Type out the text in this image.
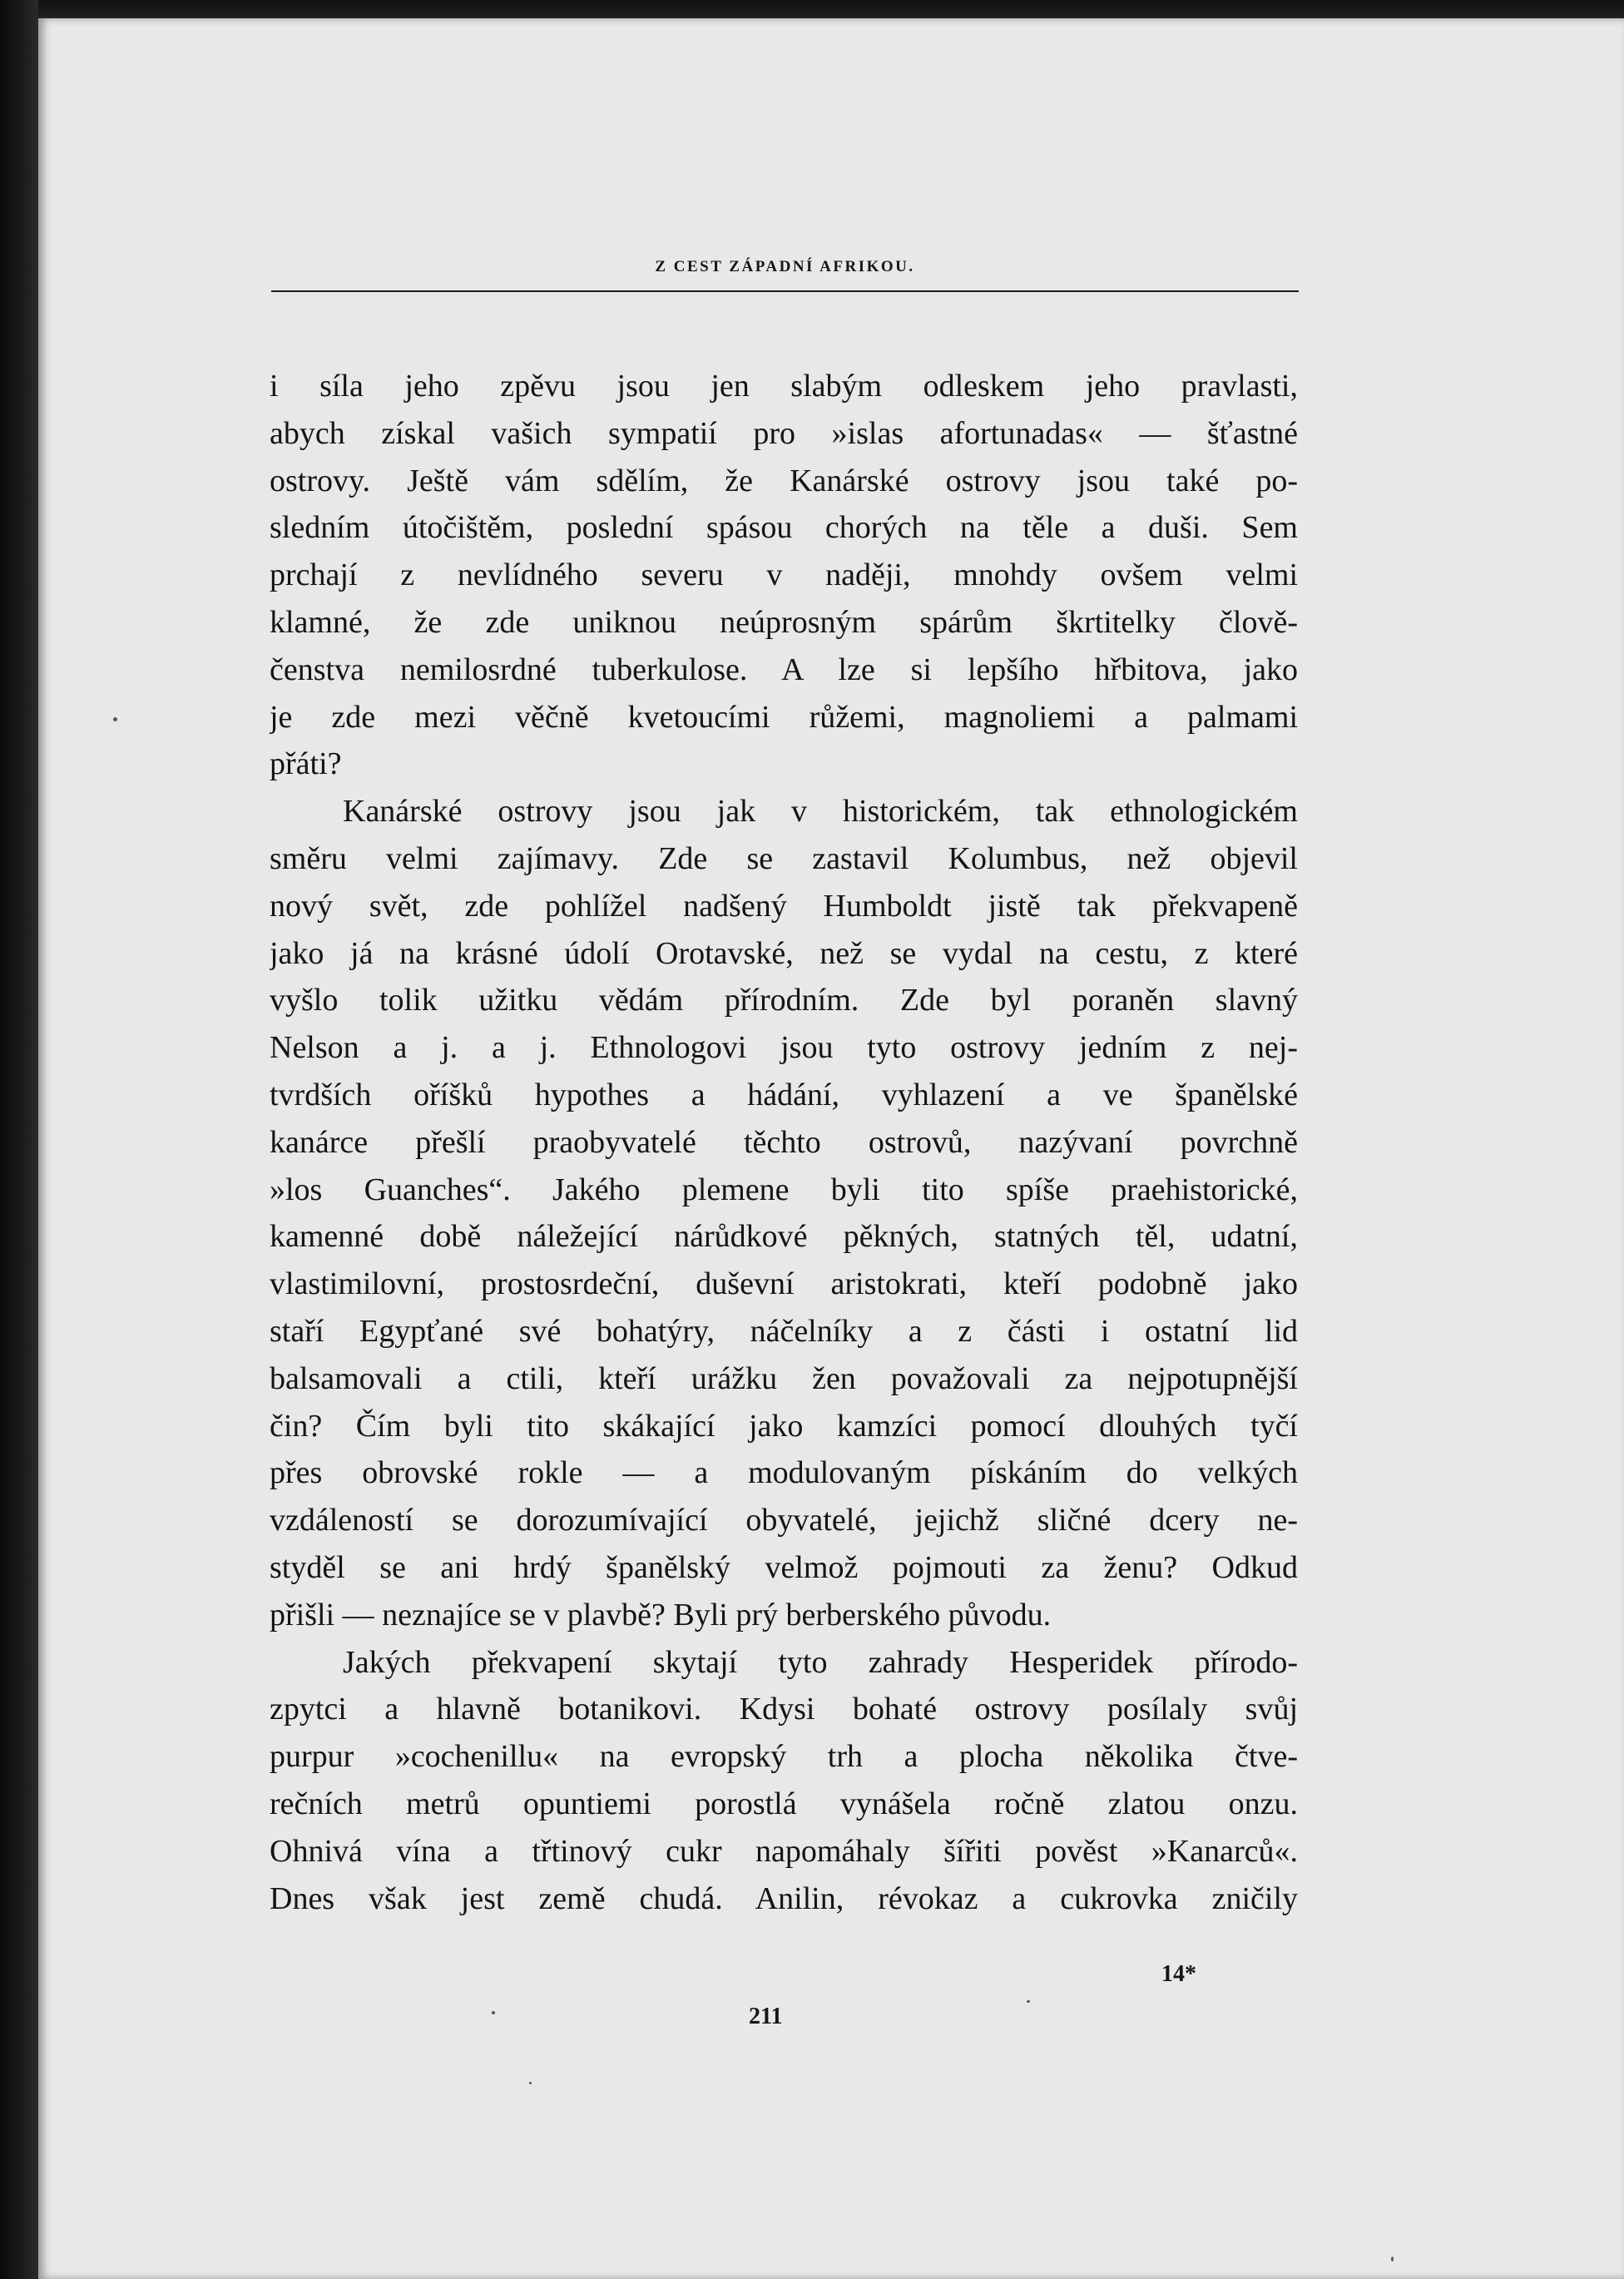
Z CEST ZÁPADNÍ AFRIKOU.
i síla jeho zpěvu jsou jen slabým odleskem jeho pravlasti,
abych získal vašich sympatií pro »islas afortunadas« — šťastné
ostrovy. Ještě vám sdělím, že Kanárské ostrovy jsou také po-
sledním útočištěm, poslední spásou chorých na těle a duši. Sem
prchají z nevlídného severu v naději, mnohdy ovšem velmi
klamné, že zde uniknou neúprosným spárům škrtitelky člově-
čenstva nemilosrdné tuberkulose. A lze si lepšího hřbitova, jako
je zde mezi věčně kvetoucími růžemi, magnoliemi a palmami
přáti?
Kanárské ostrovy jsou jak v historickém, tak ethnologickém
směru velmi zajímavy. Zde se zastavil Kolumbus, než objevil
nový svět, zde pohlížel nadšený Humboldt jistě tak překvapeně
jako já na krásné údolí Orotavské, než se vydal na cestu, z které
vyšlo tolik užitku vědám přírodním. Zde byl poraněn slavný
Nelson a j. a j. Ethnologovi jsou tyto ostrovy jedním z nej-
tvrdších oříšků hypothes a hádání, vyhlazení a ve španělské
kanárce přešlí praobyvatelé těchto ostrovů, nazývaní povrchně
»los Guanches“. Jakého plemene byli tito spíše praehistorické,
kamenné době náležející nárůdkové pěkných, statných těl, udatní,
vlastimilovní, prostosrdeční, duševní aristokrati, kteří podobně jako
staří Egypťané své bohatýry, náčelníky a z části i ostatní lid
balsamovali a ctili, kteří urážku žen považovali za nejpotupnější
čin? Čím byli tito skákající jako kamzíci pomocí dlouhých tyčí
přes obrovské rokle — a modulovaným pískáním do velkých
vzdáleností se dorozumívající obyvatelé, jejichž sličné dcery ne-
styděl se ani hrdý španělský velmož pojmouti za ženu? Odkud
přišli — neznajíce se v plavbě? Byli prý berberského původu.
Jakých překvapení skytají tyto zahrady Hesperidek přírodo-
zpytci a hlavně botanikovi. Kdysi bohaté ostrovy posílaly svůj
purpur »cochenillu« na evropský trh a plocha několika čtve-
rečních metrů opuntiemi porostlá vynášela ročně zlatou onzu.
Ohnivá vína a třtinový cukr napomáhaly šířiti pověst »Kanarců«.
Dnes však jest země chudá. Anilin, révokaz a cukrovka zničily
14*
211
